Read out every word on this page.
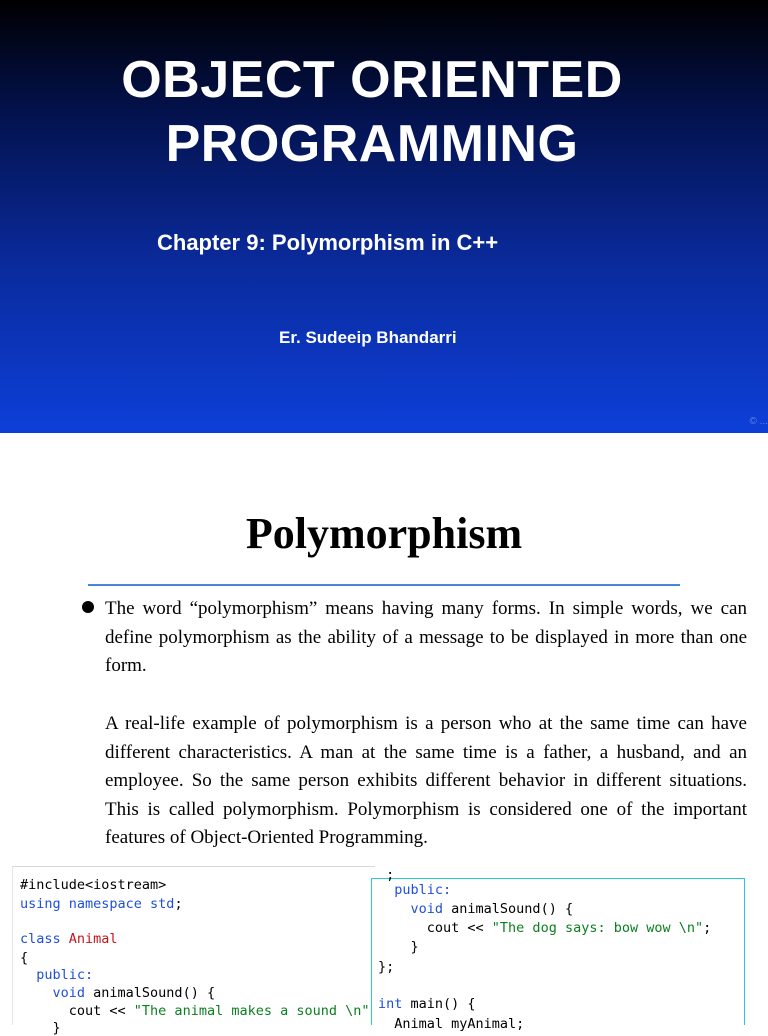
OBJECT ORIENTED
PROGRAMMING
Chapter 9: Polymorphism in C++
Er. Sudeeip Bhandarri
© ...
Polymorphism

The word “polymorphism” means having many forms. In simple words, we can define polymorphism as the ability of a message to be displayed in more than one form.

A real-life example of polymorphism is a person who at the same time can have different characteristics. A man at the same time is a father, a husband, and an employee. So the same person exhibits different behavior in different situations. This is called polymorphism. Polymorphism is considered one of the important features of Object-Oriented Programming.

#include<iostream>
using namespace std;
class Animal
{
public:
void animalSound() {
cout << "The animal makes a sound \n"
}
;
public:
void animalSound() {
cout << "The dog says: bow wow \n";
}
};
int main() {
Animal myAnimal;
